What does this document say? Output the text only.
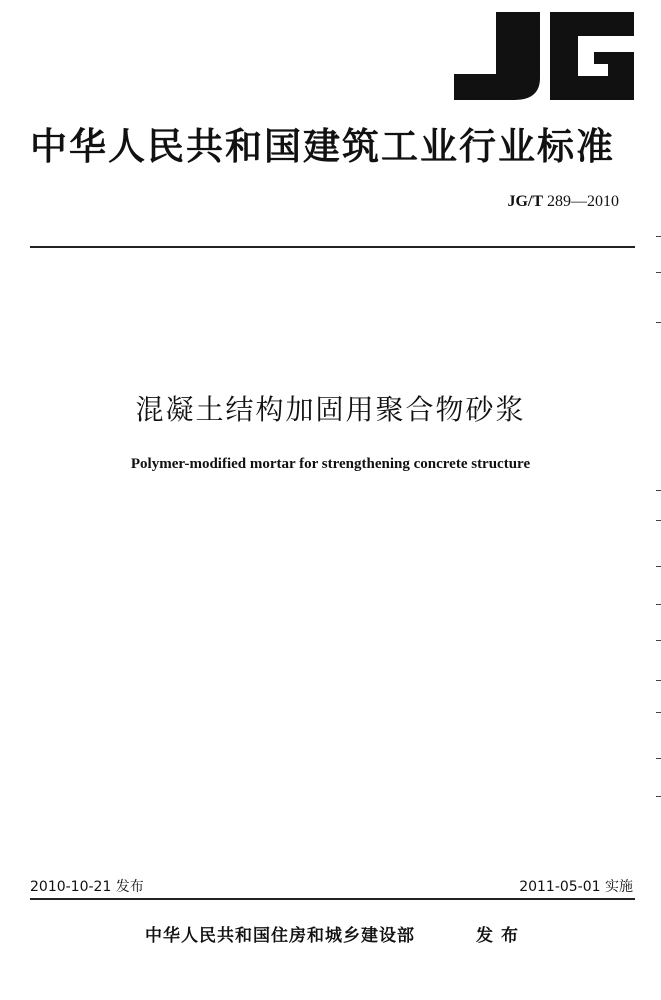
中华人民共和国建筑工业行业标准
JG/T 289—2010
混凝土结构加固用聚合物砂浆
Polymer-modified mortar for strengthening concrete structure
2010-10-21 发布	2011-05-01 实施
中华人民共和国住房和城乡建设部	发布
